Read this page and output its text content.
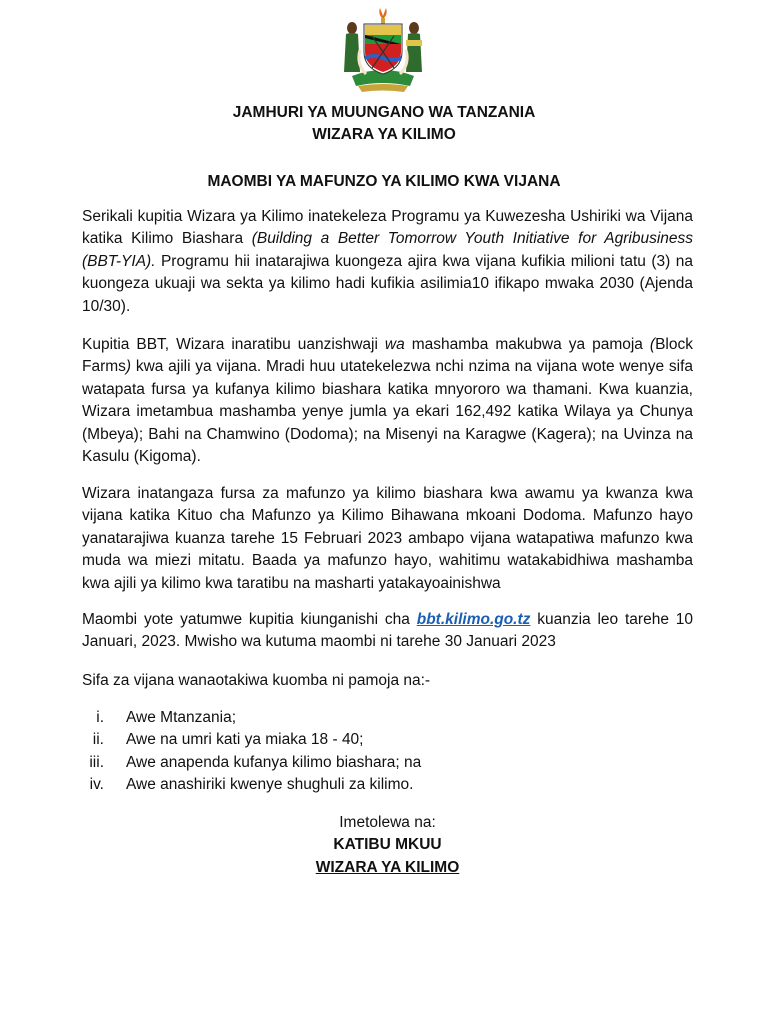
JAMHURI YA MUUNGANO WA TANZANIA

WIZARA YA KILIMO

MAOMBI YA MAFUNZO YA KILIMO KWA VIJANA

Serikali kupitia Wizara ya Kilimo inatekeleza Programu ya Kuwezesha Ushiriki wa Vijana katika Kilimo Biashara (Building a Better Tomorrow Youth Initiative for Agribusiness (BBT-YIA). Programu hii inatarajiwa kuongeza ajira kwa vijana kufikia milioni tatu (3) na kuongeza ukuaji wa sekta ya kilimo hadi kufikia asilimia10 ifikapo mwaka 2030 (Ajenda 10/30).

Kupitia BBT, Wizara inaratibu uanzishwaji wa mashamba makubwa ya pamoja (Block Farms) kwa ajili ya vijana. Mradi huu utatekelezwa nchi nzima na vijana wote wenye sifa watapata fursa ya kufanya kilimo biashara katika mnyororo wa thamani. Kwa kuanzia, Wizara imetambua mashamba yenye jumla ya ekari 162,492 katika Wilaya ya Chunya (Mbeya); Bahi na Chamwino (Dodoma); na Misenyi na Karagwe (Kagera); na Uvinza na Kasulu (Kigoma).

Wizara inatangaza fursa za mafunzo ya kilimo biashara kwa awamu ya kwanza kwa vijana katika Kituo cha Mafunzo ya Kilimo Bihawana mkoani Dodoma. Mafunzo hayo yanatarajiwa kuanza tarehe 15 Februari 2023 ambapo vijana watapatiwa mafunzo kwa muda wa miezi mitatu. Baada ya mafunzo hayo, wahitimu watakabidhiwa mashamba kwa ajili ya kilimo kwa taratibu na masharti yatakayoainishwa

Maombi yote yatumwe kupitia kiunganishi cha bbt.kilimo.go.tz kuanzia leo tarehe 10 Januari, 2023. Mwisho wa kutuma maombi ni tarehe 30 Januari 2023

Sifa za vijana wanaotakiwa kuomba ni pamoja na:-

i. Awe Mtanzania;
ii. Awe na umri kati ya miaka 18 - 40;
iii. Awe anapenda kufanya kilimo biashara; na
iv. Awe anashiriki kwenye shughuli za kilimo.

Imetolewa na:

KATIBU MKUU

WIZARA YA KILIMO
